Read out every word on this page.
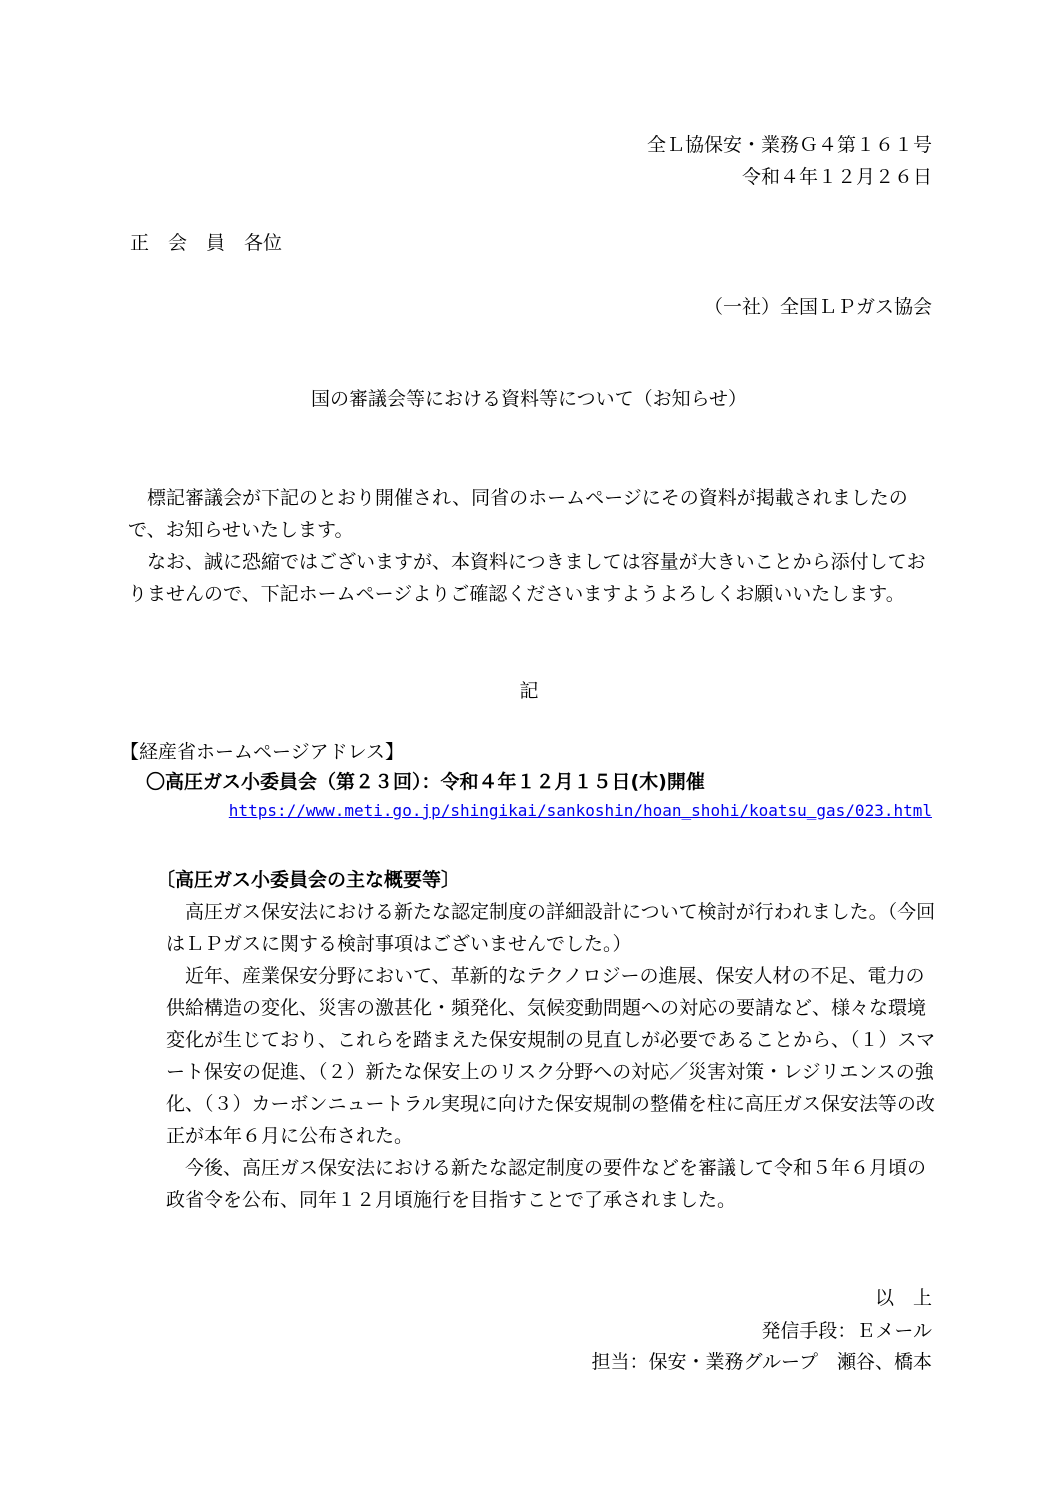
全Ｌ協保安・業務Ｇ４第１６１号
令和４年１２月２６日
正　会　員　各位
（一社）全国ＬＰガス協会
国の審議会等における資料等について（お知らせ）

　標記審議会が下記のとおり開催され、同省のホームページにその資料が掲載されましたので、お知らせいたします。

　なお、誠に恐縮ではございますが、本資料につきましては容量が大きいことから添付しておりませんので、下記ホームページよりご確認くださいますようよろしくお願いいたします。

記
【経産省ホームページアドレス】
〇高圧ガス小委員会（第２３回）：令和４年１２月１５日(木)開催
https://www.meti.go.jp/shingikai/sankoshin/hoan_shohi/koatsu_gas/023.html
〔高圧ガス小委員会の主な概要等〕

　高圧ガス保安法における新たな認定制度の詳細設計について検討が行われました。（今回はＬＰガスに関する検討事項はございませんでした。）

　近年、産業保安分野において、革新的なテクノロジーの進展、保安人材の不足、電力の供給構造の変化、災害の激甚化・頻発化、気候変動問題への対応の要請など、様々な環境変化が生じており、これらを踏まえた保安規制の見直しが必要であることから、（１）スマート保安の促進、（２）新たな保安上のリスク分野への対応／災害対策・レジリエンスの強化、（３）カーボンニュートラル実現に向けた保安規制の整備を柱に高圧ガス保安法等の改正が本年６月に公布された。

　今後、高圧ガス保安法における新たな認定制度の要件などを審議して令和５年６月頃の政省令を公布、同年１２月頃施行を目指すことで了承されました。

以　上
発信手段：Ｅメール
担当：保安・業務グループ　瀬谷、橋本
